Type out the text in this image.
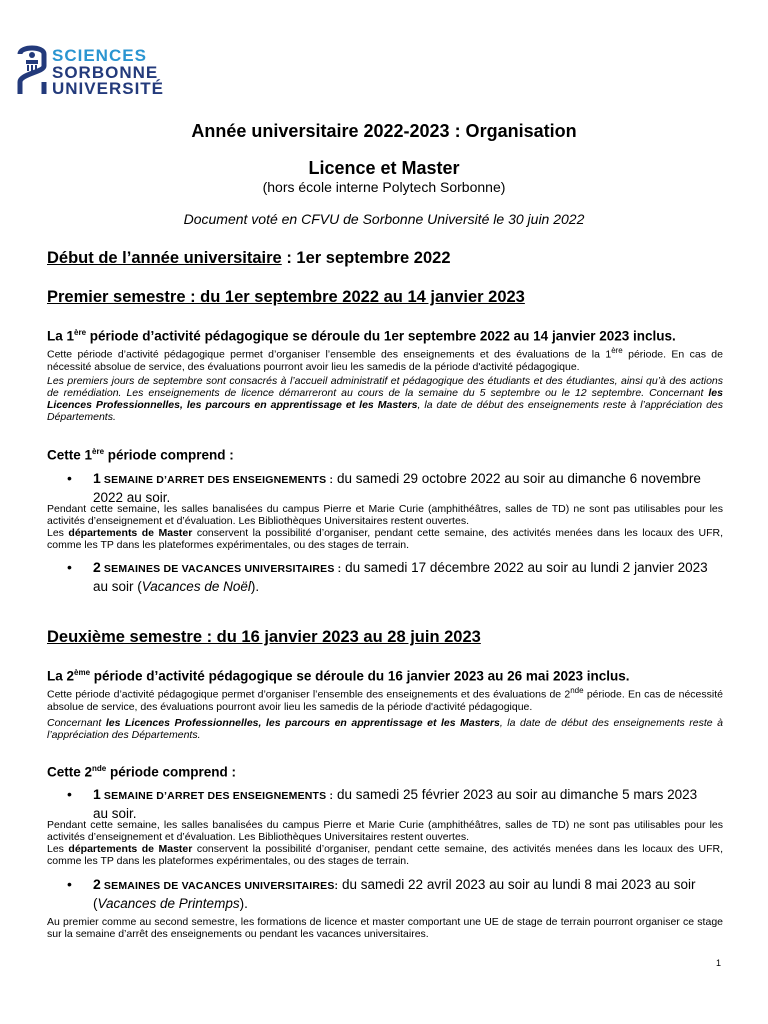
SCIENCES
SORBONNE
UNIVERSITÉ
Année universitaire 2022-2023 : Organisation
Licence et Master
(hors école interne Polytech Sorbonne)
Document voté en CFVU de Sorbonne Université le 30 juin 2022
Début de l’année universitaire : 1er septembre 2022
Premier semestre : du 1er septembre 2022 au 14 janvier 2023
La 1ère période d’activité pédagogique se déroule du 1er septembre 2022 au 14 janvier 2023 inclus.
Cette période d’activité pédagogique permet d’organiser l’ensemble des enseignements et des évaluations de la 1ère période. En cas de nécessité absolue de service, des évaluations pourront avoir lieu les samedis de la période d'activité pédagogique.
Les premiers jours de septembre sont consacrés à l’accueil administratif et pédagogique des étudiants et des étudiantes, ainsi qu’à des actions de remédiation. Les enseignements de licence démarreront au cours de la semaine du 5 septembre ou le 12 septembre. Concernant les Licences Professionnelles, les parcours en apprentissage et les Masters, la date de début des enseignements reste à l’appréciation des Départements.
Cette 1ère période comprend :
• 1 SEMAINE D’ARRET DES ENSEIGNEMENTS : du samedi 29 octobre 2022 au soir au dimanche 6 novembre 2022 au soir.
Pendant cette semaine, les salles banalisées du campus Pierre et Marie Curie (amphithéâtres, salles de TD) ne sont pas utilisables pour les activités d’enseignement et d’évaluation. Les Bibliothèques Universitaires restent ouvertes.
Les départements de Master conservent la possibilité d’organiser, pendant cette semaine, des activités menées dans les locaux des UFR, comme les TP dans les plateformes expérimentales, ou des stages de terrain.
• 2 SEMAINES DE VACANCES UNIVERSITAIRES : du samedi 17 décembre 2022 au soir au lundi 2 janvier 2023 au soir (Vacances de Noël).
Deuxième semestre : du 16 janvier 2023 au 28 juin 2023
La 2ème période d’activité pédagogique se déroule du 16 janvier 2023 au 26 mai 2023 inclus.
Cette période d’activité pédagogique permet d’organiser l’ensemble des enseignements et des évaluations de 2nde période. En cas de nécessité absolue de service, des évaluations pourront avoir lieu les samedis de la période d'activité pédagogique.
Concernant les Licences Professionnelles, les parcours en apprentissage et les Masters, la date de début des enseignements reste à l’appréciation des Départements.
Cette 2nde période comprend :
• 1 SEMAINE D’ARRET DES ENSEIGNEMENTS : du samedi 25 février 2023 au soir au dimanche 5 mars 2023 au soir.
Pendant cette semaine, les salles banalisées du campus Pierre et Marie Curie (amphithéâtres, salles de TD) ne sont pas utilisables pour les activités d’enseignement et d’évaluation. Les Bibliothèques Universitaires restent ouvertes.
Les départements de Master conservent la possibilité d’organiser, pendant cette semaine, des activités menées dans les locaux des UFR, comme les TP dans les plateformes expérimentales, ou des stages de terrain.
• 2 SEMAINES DE VACANCES UNIVERSITAIRES: du samedi 22 avril 2023 au soir au lundi 8 mai 2023 au soir (Vacances de Printemps).
Au premier comme au second semestre, les formations de licence et master comportant une UE de stage de terrain pourront organiser ce stage sur la semaine d’arrêt des enseignements ou pendant les vacances universitaires.
1
